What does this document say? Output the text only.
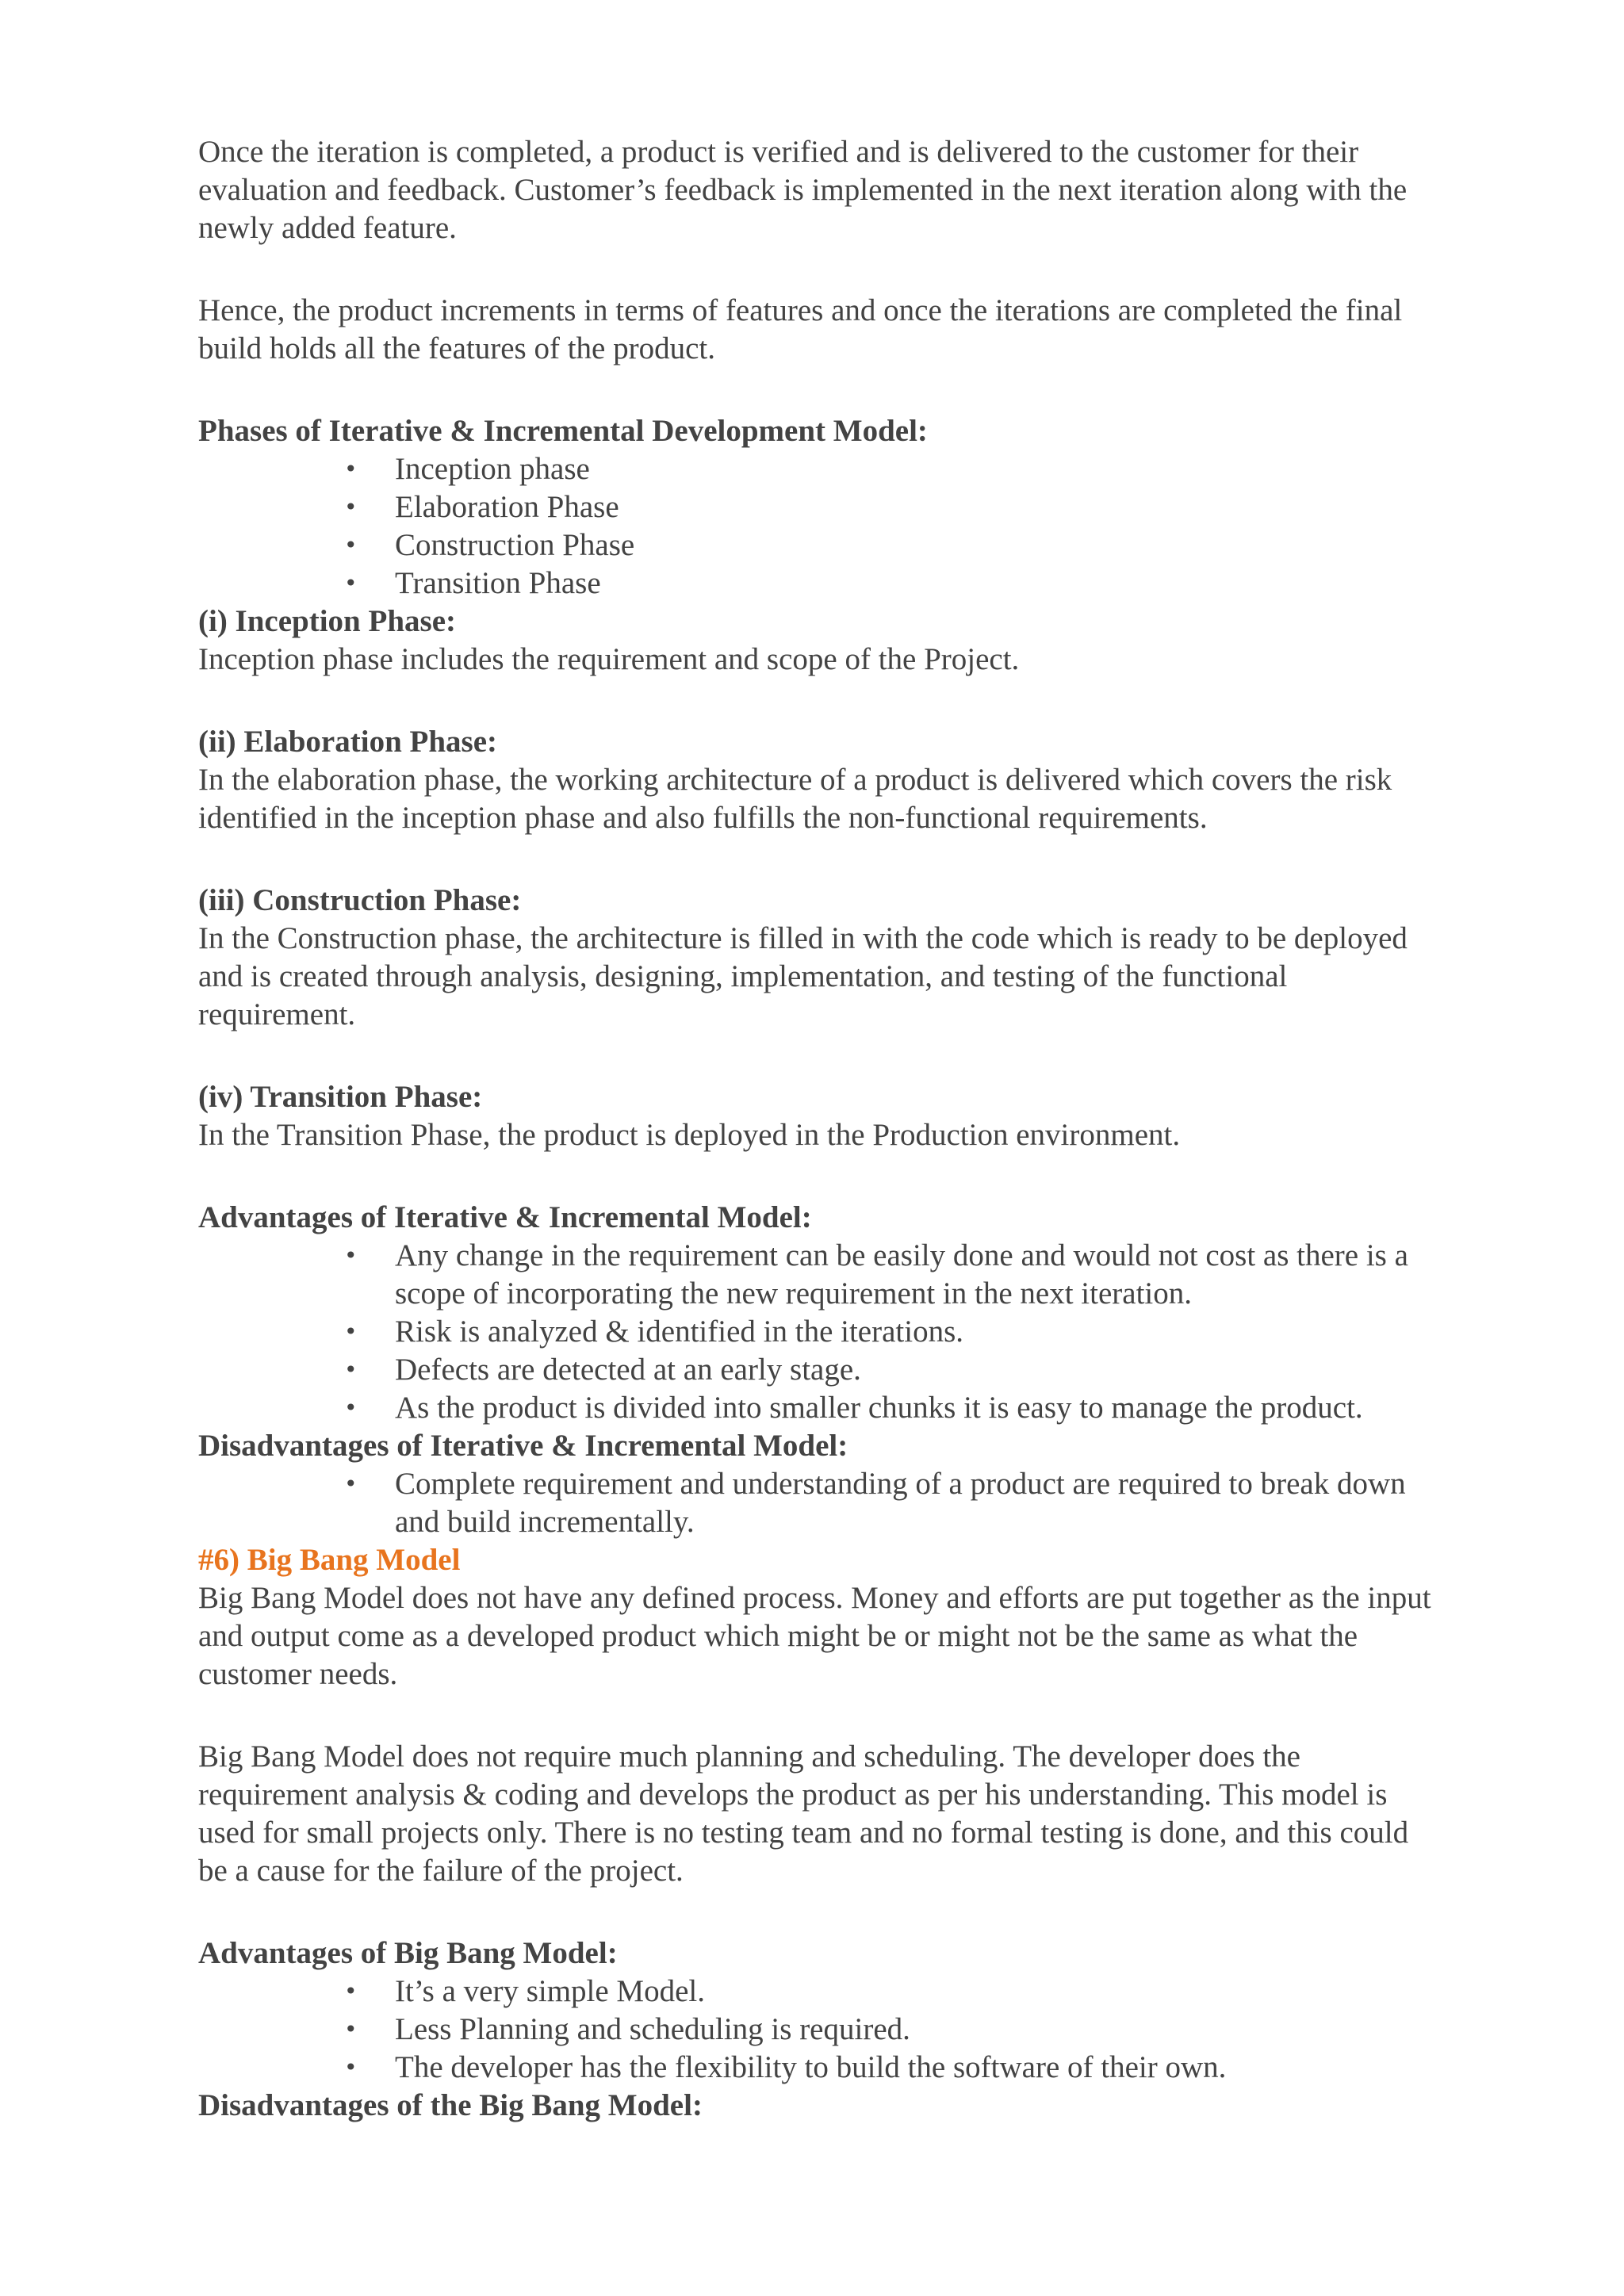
Once the iteration is completed, a product is verified and is delivered to the customer for their evaluation and feedback. Customer’s feedback is implemented in the next iteration along with the newly added feature.

Hence, the product increments in terms of features and once the iterations are completed the final build holds all the features of the product.

Phases of Iterative & Incremental Development Model:

• Inception phase
• Elaboration Phase
• Construction Phase
• Transition Phase

(i) Inception Phase:

Inception phase includes the requirement and scope of the Project.

(ii) Elaboration Phase:

In the elaboration phase, the working architecture of a product is delivered which covers the risk identified in the inception phase and also fulfills the non-functional requirements.

(iii) Construction Phase:

In the Construction phase, the architecture is filled in with the code which is ready to be deployed and is created through analysis, designing, implementation, and testing of the functional requirement.

(iv) Transition Phase:

In the Transition Phase, the product is deployed in the Production environment.

Advantages of Iterative & Incremental Model:

• Any change in the requirement can be easily done and would not cost as there is a scope of incorporating the new requirement in the next iteration.
• Risk is analyzed & identified in the iterations.
• Defects are detected at an early stage.
• As the product is divided into smaller chunks it is easy to manage the product.

Disadvantages of Iterative & Incremental Model:

• Complete requirement and understanding of a product are required to break down and build incrementally.

#6) Big Bang Model

Big Bang Model does not have any defined process. Money and efforts are put together as the input and output come as a developed product which might be or might not be the same as what the customer needs.

Big Bang Model does not require much planning and scheduling. The developer does the requirement analysis & coding and develops the product as per his understanding. This model is used for small projects only. There is no testing team and no formal testing is done, and this could be a cause for the failure of the project.

Advantages of Big Bang Model:

• It’s a very simple Model.
• Less Planning and scheduling is required.
• The developer has the flexibility to build the software of their own.

Disadvantages of the Big Bang Model:
